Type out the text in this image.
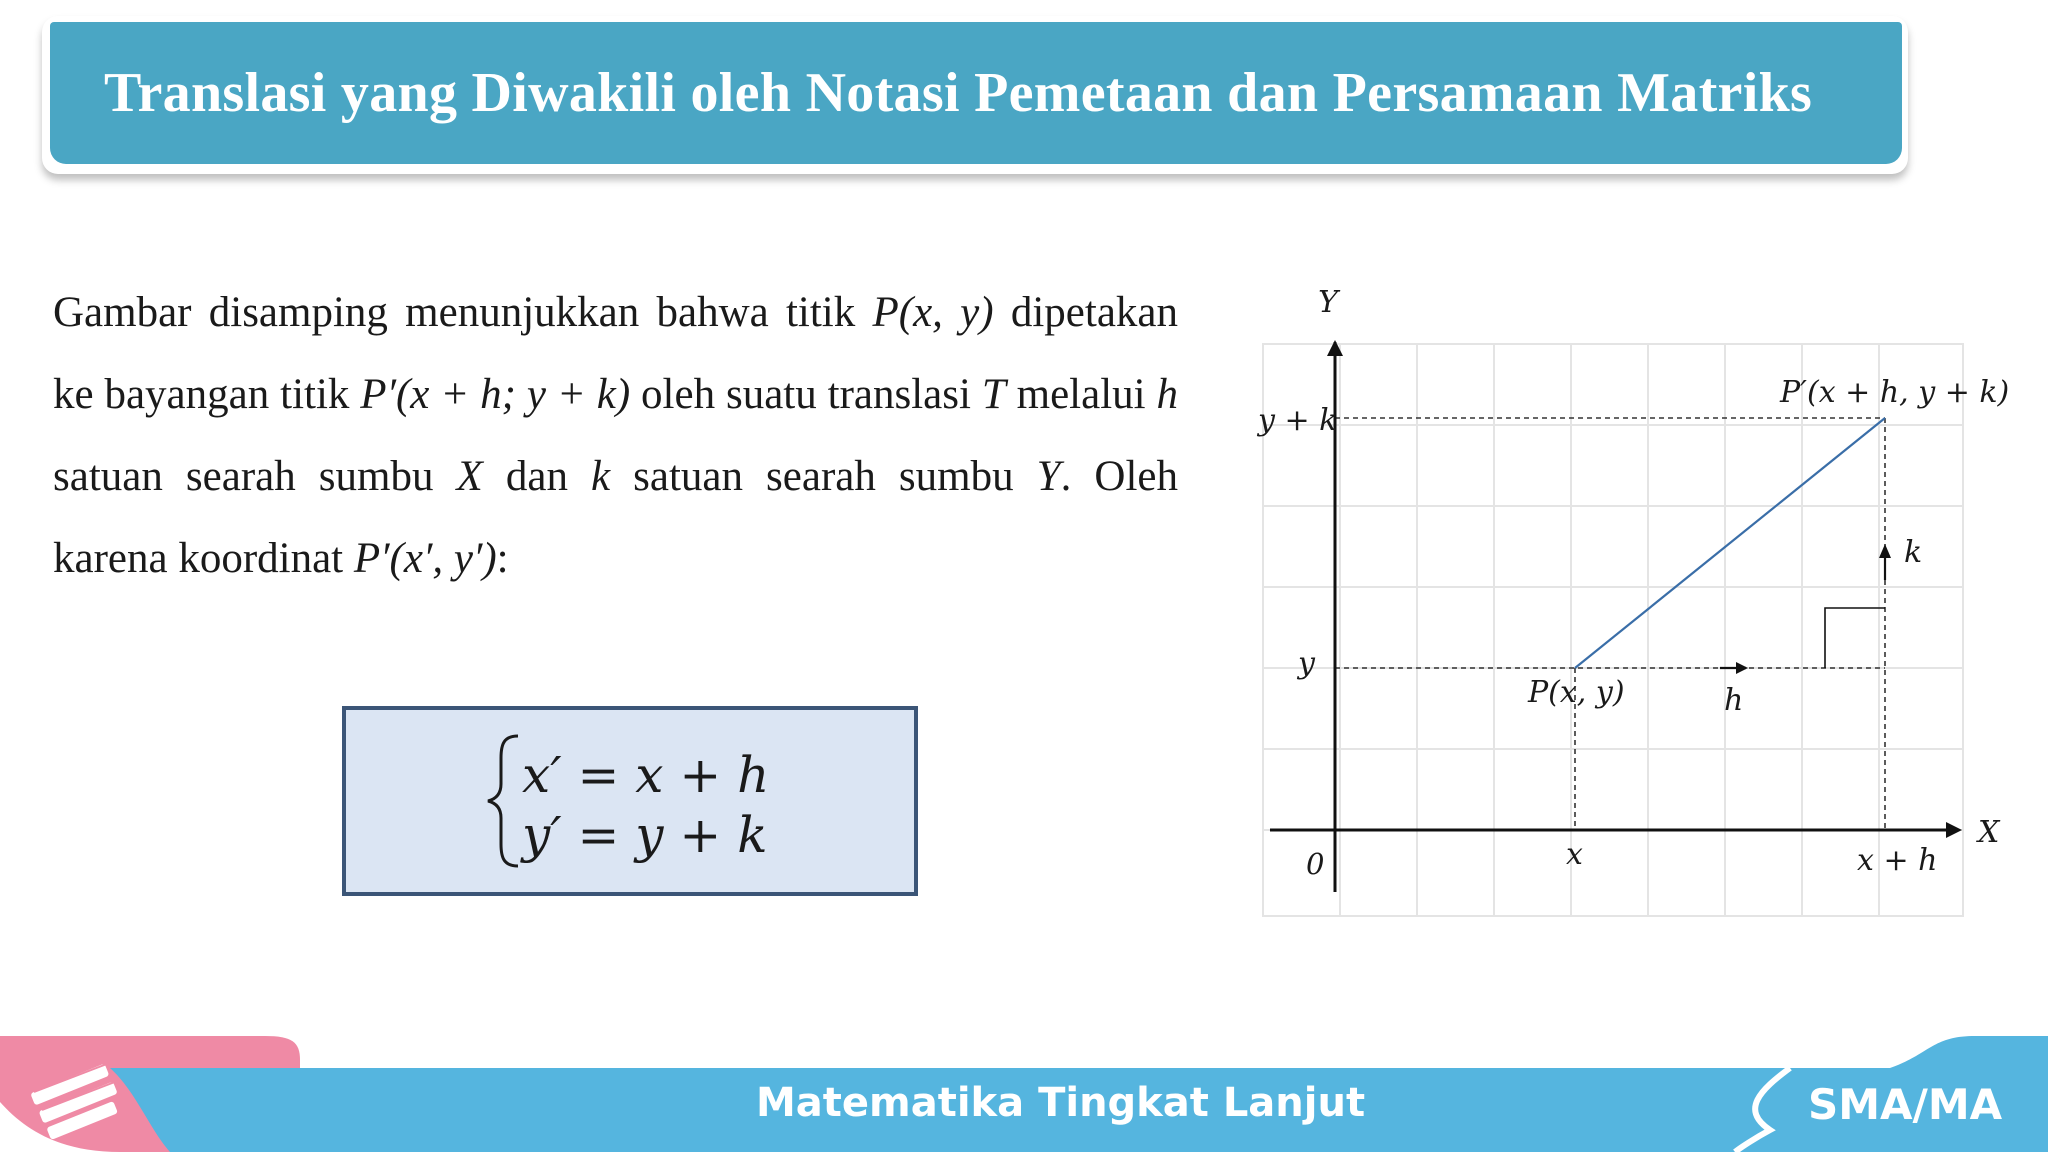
Translasi yang Diwakili oleh Notasi Pemetaan dan Persamaan Matriks

Gambar disamping menunjukkan bahwa titik P(x, y) dipetakan ke bayangan titik P′(x + h; y + k) oleh suatu translasi T melalui h satuan searah sumbu X dan k satuan searah sumbu Y. Oleh karena koordinat P′(x′, y′):

x′ = x + h
y′ = y + k
Y
X
0
y + k
y
x	x + h
P(x, y)
P′(x + h, y + k)
h
k
Matematika Tingkat Lanjut	SMA/MA
